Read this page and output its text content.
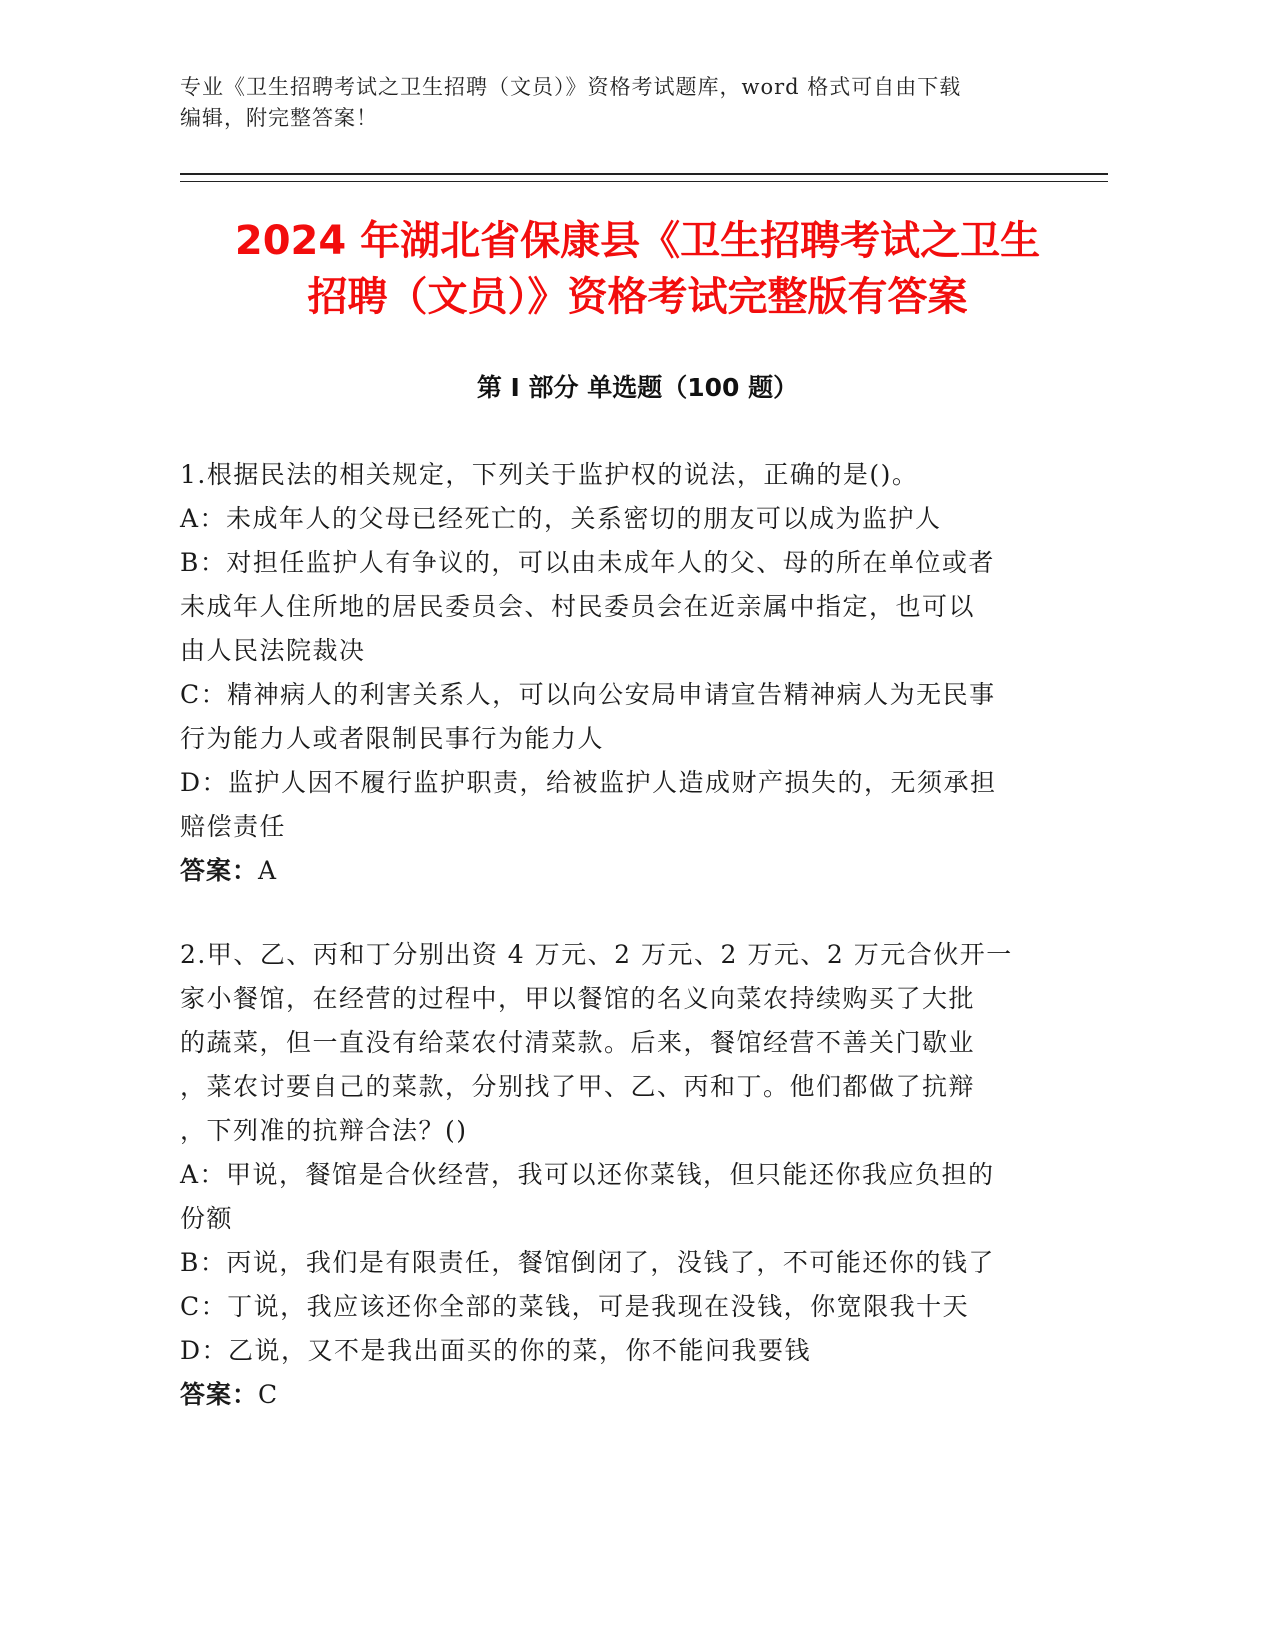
专业《卫生招聘考试之卫生招聘（文员）》资格考试题库，word 格式可自由下载
编辑，附完整答案！
2024 年湖北省保康县《卫生招聘考试之卫生
招聘（文员）》资格考试完整版有答案
第 I 部分 单选题（100 题）
1.根据民法的相关规定，下列关于监护权的说法，正确的是()。
A：未成年人的父母已经死亡的，关系密切的朋友可以成为监护人
B：对担任监护人有争议的，可以由未成年人的父、母的所在单位或者
未成年人住所地的居民委员会、村民委员会在近亲属中指定，也可以
由人民法院裁决
C：精神病人的利害关系人，可以向公安局申请宣告精神病人为无民事
行为能力人或者限制民事行为能力人
D：监护人因不履行监护职责，给被监护人造成财产损失的，无须承担
赔偿责任
答案：A
2.甲、乙、丙和丁分别出资 4 万元、2 万元、2 万元、2 万元合伙开一
家小餐馆，在经营的过程中，甲以餐馆的名义向菜农持续购买了大批
的蔬菜，但一直没有给菜农付清菜款。后来，餐馆经营不善关门歇业
，菜农讨要自己的菜款，分别找了甲、乙、丙和丁。他们都做了抗辩
，下列准的抗辩合法？()
A：甲说，餐馆是合伙经营，我可以还你菜钱，但只能还你我应负担的
份额
B：丙说，我们是有限责任，餐馆倒闭了，没钱了，不可能还你的钱了
C：丁说，我应该还你全部的菜钱，可是我现在没钱，你宽限我十天
D：乙说，又不是我出面买的你的菜，你不能问我要钱
答案：C
